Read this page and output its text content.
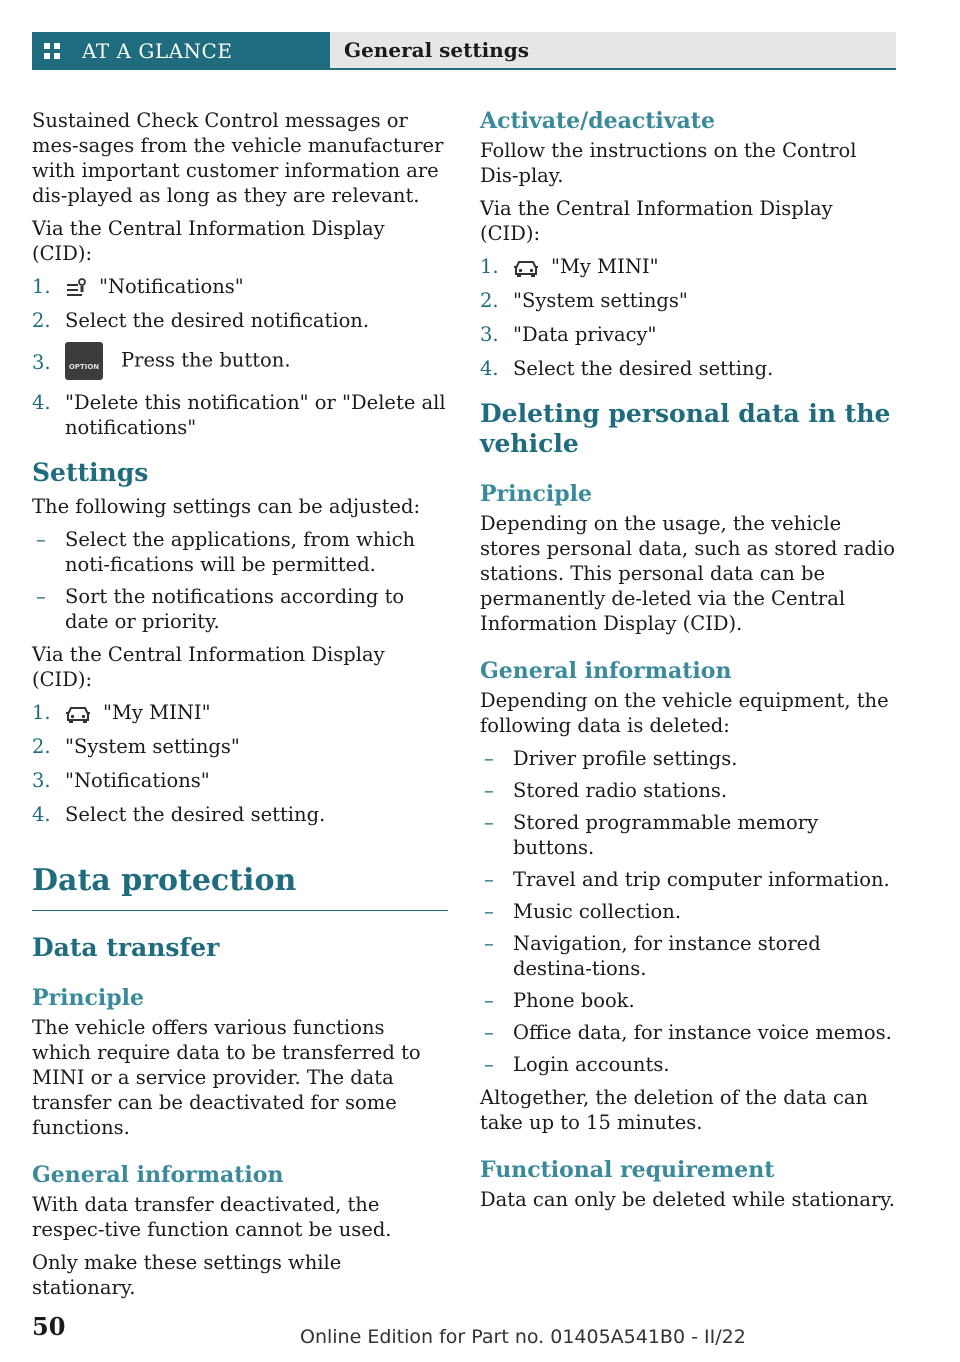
AT A GLANCE	General settings

Sustained Check Control messages or mes-sages from the vehicle manufacturer with important customer information are dis-played as long as they are relevant.

Via the Central Information Display (CID):

1. "Notifications"
2. Select the desired notification.
3.	OPTION Press the button.
4. "Delete this notification" or "Delete all notifications"
Settings

The following settings can be adjusted:

– Select the applications, from which noti-fications will be permitted.
– Sort the notifications according to date or priority.

Via the Central Information Display (CID):

1.	"My MINI"
2. "System settings"
3. "Notifications"
4. Select the desired setting.
Data protection
Data transfer
Principle

The vehicle offers various functions which require data to be transferred to MINI or a service provider. The data transfer can be deactivated for some functions.

General information

With data transfer deactivated, the respec-tive function cannot be used.

Only make these settings while stationary.

Activate/deactivate

Follow the instructions on the Control Dis-play.

Via the Central Information Display (CID):

1.	"My MINI"
2. "System settings"
3. "Data privacy"
4. Select the desired setting.
Deleting personal data in the vehicle
Principle

Depending on the usage, the vehicle stores personal data, such as stored radio stations. This personal data can be permanently de-leted via the Central Information Display (CID).

General information

Depending on the vehicle equipment, the following data is deleted:

– Driver profile settings.
– Stored radio stations.
– Stored programmable memory buttons.
– Travel and trip computer information.
– Music collection.
– Navigation, for instance stored destina-tions.
– Phone book.
– Office data, for instance voice memos.
– Login accounts.

Altogether, the deletion of the data can take up to 15 minutes.

Functional requirement

Data can only be deleted while stationary.

50	Online Edition for Part no. 01405A541B0 - II/22
